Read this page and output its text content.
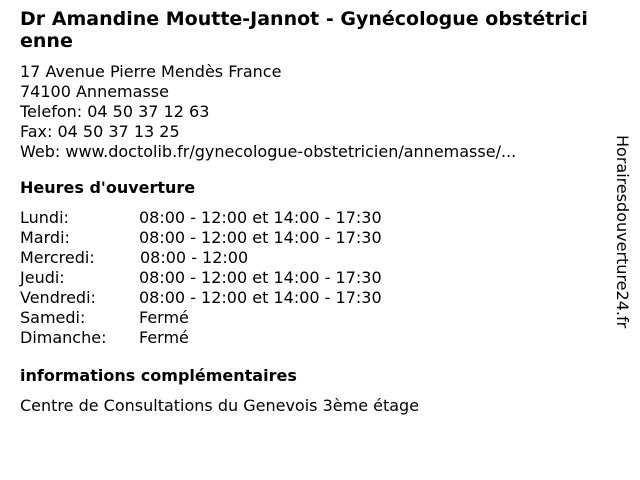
Dr Amandine Moutte-Jannot - Gynécologue obstétricienne
17 Avenue Pierre Mendès France
74100 Annemasse
Telefon: 04 50 37 12 63
Fax: 04 50 37 13 25
Web: www.doctolib.fr/gynecologue-obstetricien/annemasse/...
Heures d'ouverture
Lundi:	08:00 - 12:00 et 14:00 - 17:30
Mardi:	08:00 - 12:00 et 14:00 - 17:30
Mercredi:	08:00 - 12:00
Jeudi:	08:00 - 12:00 et 14:00 - 17:30
Vendredi:	08:00 - 12:00 et 14:00 - 17:30
Samedi:	Fermé
Dimanche: Fermé
informations complémentaires
Centre de Consultations du Genevois 3ème étage
Horairesdouverture24.fr
